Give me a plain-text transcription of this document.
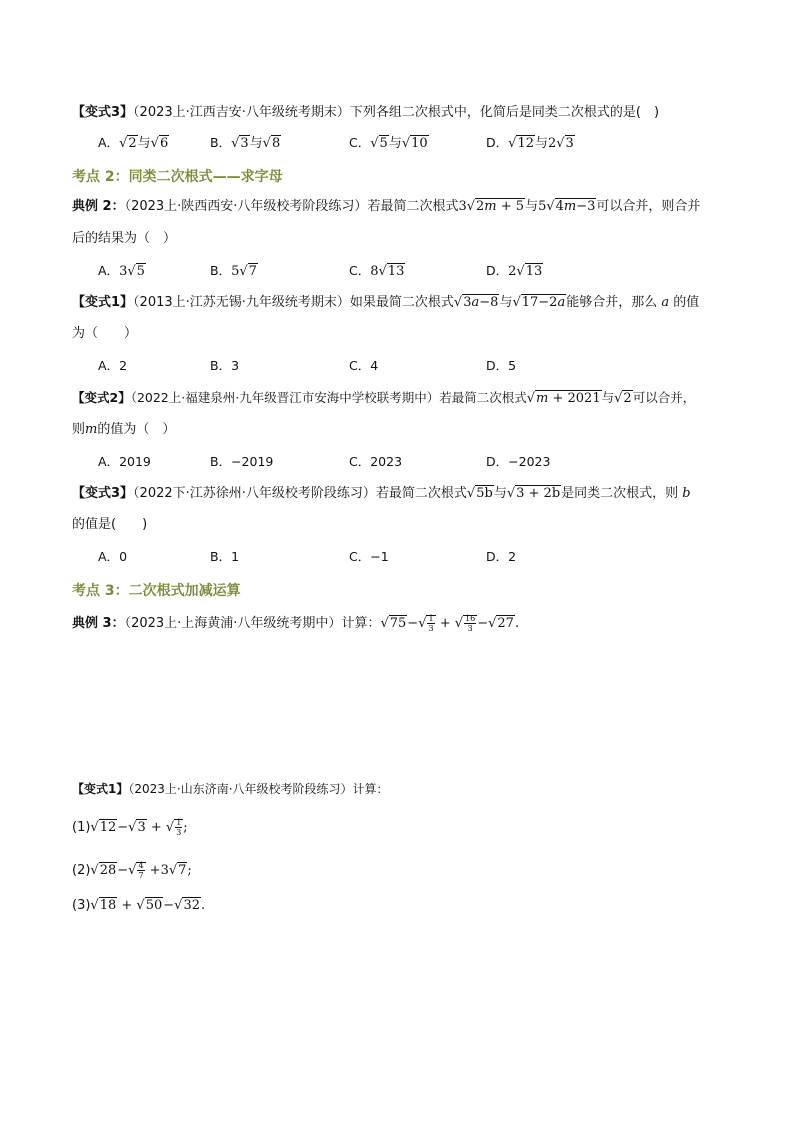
【变式3】（2023上·江西吉安·八年级统考期末）下列各组二次根式中，化简后是同类二次根式的是(　)
A．√2与√6	B．√3与√8	C．√5与√10	D．√12与2√3
考点 2：同类二次根式——求字母
典例 2：（2023上·陕西西安·八年级校考阶段练习）若最简二次根式3√2m + 5与5√4m−3可以合并，则合并
后的结果为（　）
A．3√5	B．5√7	C．8√13	D．2√13
【变式1】（2013上·江苏无锡·九年级统考期末）如果最简二次根式√3a−8与√17−2a能够合并，那么 a 的值
为（　　）
A．2	B．3	C．4	D．5
【变式2】（2022上·福建泉州·九年级晋江市安海中学校联考期中）若最简二次根式√m + 2021与√2可以合并，
则m的值为（　）
A．2019	B．−2019	C．2023	D．−2023
【变式3】（2022下·江苏徐州·八年级校考阶段练习）若最简二次根式√5b与√3 + 2b是同类二次根式，则 b
的值是(　　)
A．0	B．1	C．−1	D．2
考点 3：二次根式加减运算
典例 3：（2023上·上海黄浦·八年级统考期中）计算：$√75-√ \frac{1}{3}$ + √ $\frac{16}{3} -√27$.
【变式1】（2023上·山东济南·八年级校考阶段练习）计算：
(1)√12−√3 + √ $\frac{1}{3}$ ;
$(2)√28-√ \frac{4}{7} +3√7$;
(3)√18 + √50−√32.
